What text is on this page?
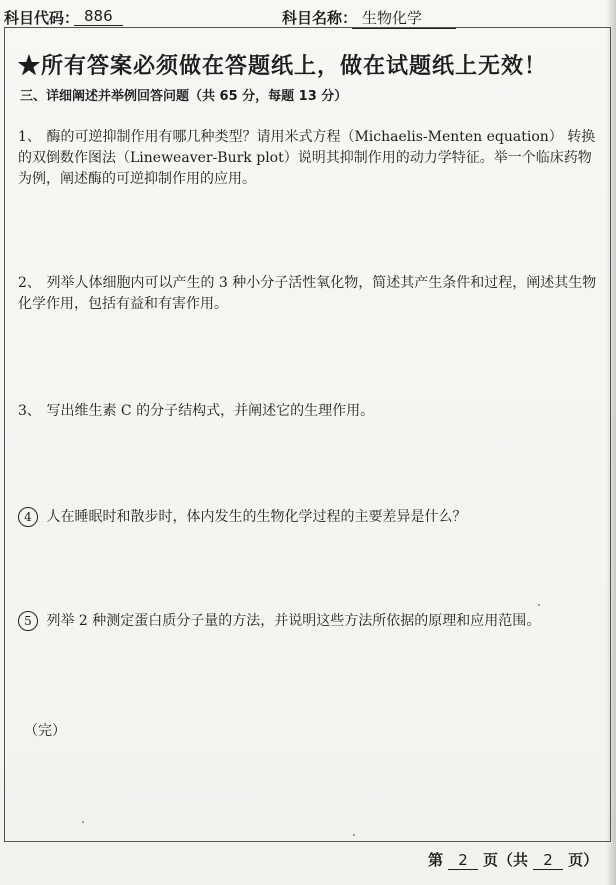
科目代码： 886	科目名称： 生物化学
★所有答案必须做在答题纸上，做在试题纸上无效！
三、详细阐述并举例回答问题（共 65 分，每题 13 分）
1、 酶的可逆抑制作用有哪几种类型？请用米式方程（Michaelis-Menten equation） 转换的双倒数作图法（Lineweaver-Burk plot）说明其抑制作用的动力学特征。举一个临床药物为例，阐述酶的可逆抑制作用的应用。
2、 列举人体细胞内可以产生的 3 种小分子活性氧化物，简述其产生条件和过程，阐述其生物化学作用，包括有益和有害作用。
3、 写出维生素 C 的分子结构式，并阐述它的生理作用。
4 人在睡眠时和散步时，体内发生的生物化学过程的主要差异是什么？
5 列举 2 种测定蛋白质分子量的方法，并说明这些方法所依据的原理和应用范围。
（完）
第 2 页（共 2 页）
